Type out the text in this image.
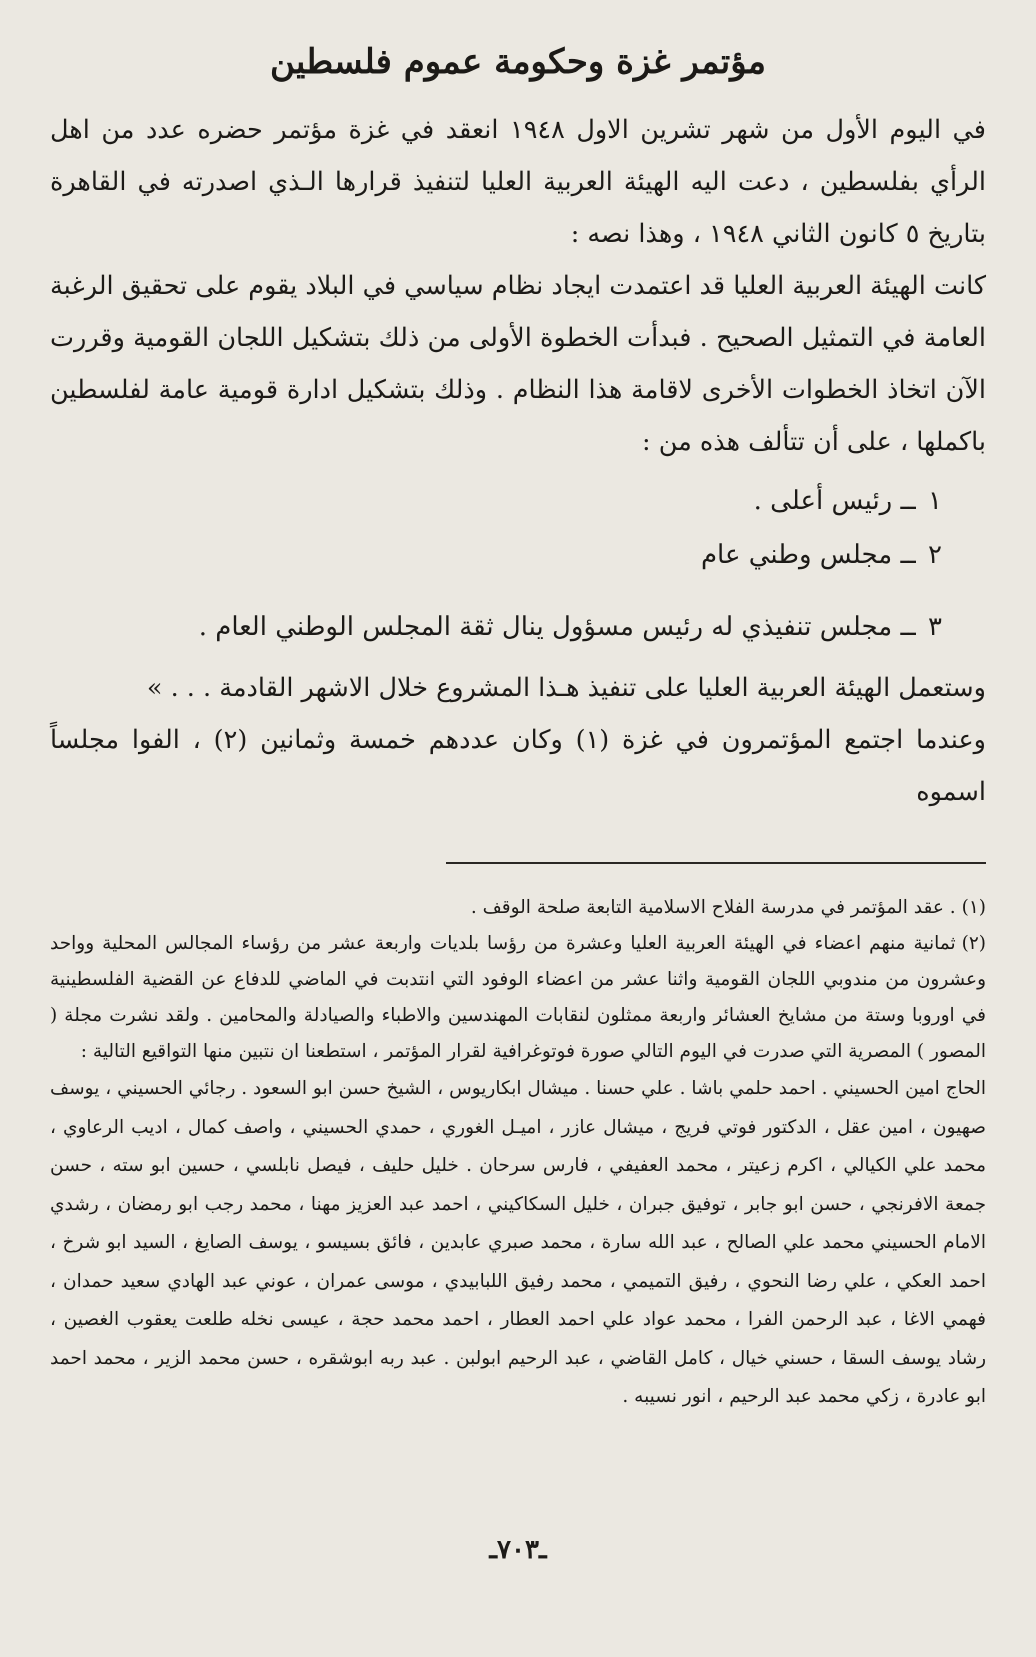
مؤتمر غزة وحكومة عموم فلسطين

في اليوم الأول من شهر تشرين الاول ١٩٤٨ انعقد في غزة مؤتمر حضره عدد من اهل الرأي بفلسطين ، دعت اليه الهيئة العربية العليا لتنفيذ قرارها الـذي اصدرته في القاهرة بتاريخ ٥ كانون الثاني ١٩٤٨ ، وهذا نصه :

كانت الهيئة العربية العليا قد اعتمدت ايجاد نظام سياسي في البلاد يقوم على تحقيق الرغبة العامة في التمثيل الصحيح . فبدأت الخطوة الأولى من ذلك بتشكيل اللجان القومية وقررت الآن اتخاذ الخطوات الأخرى لاقامة هذا النظام . وذلك بتشكيل ادارة قومية عامة لفلسطين باكملها ، على أن تتألف هذه من :

١ ــ رئيس أعلى .
٢ ــ مجلس وطني عام
٣ ــ مجلس تنفيذي له رئيس مسؤول ينال ثقة المجلس الوطني العام .

وستعمل الهيئة العربية العليا على تنفيذ هـذا المشروع خلال الاشهر القادمة . . . »

وعندما اجتمع المؤتمرون في غزة (١) وكان عددهم خمسة وثمانين (٢) ، الفوا مجلساً اسموه

(١). عقد المؤتمر في مدرسة الفلاح الاسلامية التابعة صلحة الوقف .

(٢)ثمانية منهم اعضاء في الهيئة العربية العليا وعشرة من رؤسا بلديات واربعة عشر من رؤساء المجالس المحلية وواحد وعشرون من مندوبي اللجان القومية واثنا عشر من اعضاء الوفود التي انتدبت في الماضي للدفاع عن القضية الفلسطينية في اوروبا وستة من مشايخ العشائر واربعة ممثلون لنقابات المهندسين والاطباء والصيادلة والمحامين . ولقد نشرت مجلة ( المصور ) المصرية التي صدرت في اليوم التالي صورة فوتوغرافية لقرار المؤتمر ، استطعنا ان نتبين منها التواقيع التالية :

الحاج امين الحسيني . احمد حلمي باشا . علي حسنا . ميشال ابكاريوس ، الشيخ حسن ابو السعود . رجائي الحسيني ، يوسف صهيون ، امين عقل ، الدكتور فوتي فريج ، ميشال عازر ، اميـل الغوري ، حمدي الحسيني ، واصف كمال ، اديب الرعاوي ، محمد علي الكيالي ، اكرم زعيتر ، محمد العفيفي ، فارس سرحان . خليل حليف ، فيصل نابلسي ، حسين ابو سته ، حسن جمعة الافرنجي ، حسن ابو جابر ، توفيق جبران ، خليل السكاكيني ، احمد عبد العزيز مهنا ، محمد رجب ابو رمضان ، رشدي الامام الحسيني محمد علي الصالح ، عبد الله سارة ، محمد صبري عابدين ، فائق بسيسو ، يوسف الصايغ ، السيد ابو شرخ ، احمد العكي ، علي رضا النحوي ، رفيق التميمي ، محمد رفيق اللبابيدي ، موسى عمران ، عوني عبد الهادي سعيد حمدان ، فهمي الاغا ، عبد الرحمن الفرا ، محمد عواد علي احمد العطار ، احمد محمد حجة ، عيسى نخله طلعت يعقوب الغصين ، رشاد يوسف السقا ، حسني خيال ، كامل القاضي ، عبد الرحيم ابولبن . عبد ربه ابوشقره ، حسن محمد الزير ، محمد احمد ابو عادرة ، زكي محمد عبد الرحيم ، انور نسيبه .

ـ٧٠٣ـ
